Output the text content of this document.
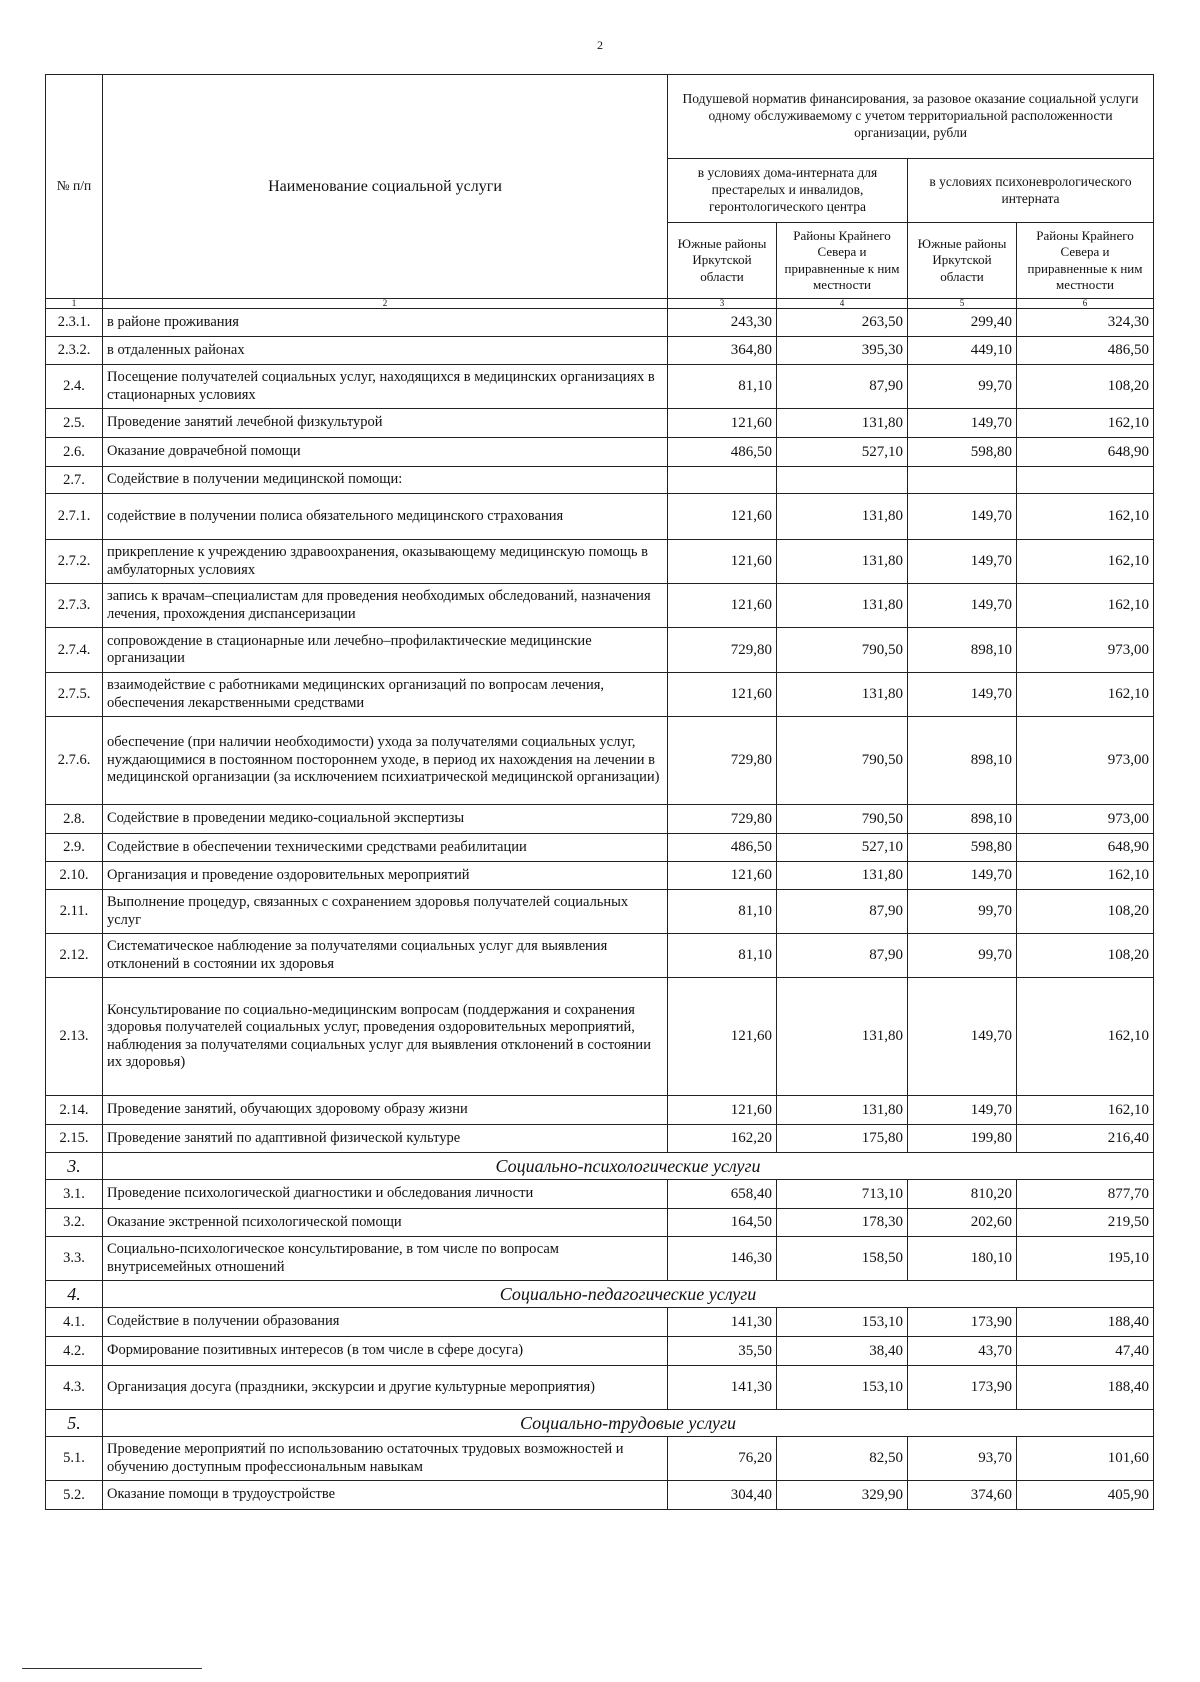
2
№ п/п	Наименование социальной услуги	Подушевой норматив финансирования, за разовое оказание социальной услуги одному обслуживаемому с учетом территориальной расположенности организации, рубли			
		в условиях дома-интерната для престарелых и инвалидов, геронтологического центра		в условиях психоневрологического интерната	
		Южные районы Иркутской области	Районы Крайнего Севера и приравненные к ним местности	Южные районы Иркутской области	Районы Крайнего Севера и приравненные к ним местности
1	2	3	4	5	6
2.3.1.	в районе проживания	243,30	263,50	299,40	324,30
2.3.2.	в отдаленных районах	364,80	395,30	449,10	486,50
2.4.	Посещение получателей социальных услуг, находящихся в медицинских организациях в стационарных условиях	81,10	87,90	99,70	108,20
2.5.	Проведение занятий лечебной физкультурой	121,60	131,80	149,70	162,10
2.6.	Оказание доврачебной помощи	486,50	527,10	598,80	648,90
2.7.	Содействие в получении медицинской помощи:				
2.7.1.	содействие в получении полиса обязательного медицинского страхования	121,60	131,80	149,70	162,10
2.7.2.	прикрепление к учреждению здравоохранения, оказывающему медицинскую помощь в амбулаторных условиях	121,60	131,80	149,70	162,10
2.7.3.	запись к врачам–специалистам для проведения необходимых обследований, назначения лечения, прохождения диспансеризации	121,60	131,80	149,70	162,10
2.7.4.	сопровождение в стационарные или лечебно–профилактические медицинские организации	729,80	790,50	898,10	973,00
2.7.5.	взаимодействие с работниками медицинских организаций по вопросам лечения, обеспечения лекарственными средствами	121,60	131,80	149,70	162,10
2.7.6.	обеспечение (при наличии необходимости) ухода за получателями социальных услуг, нуждающимися в постоянном постороннем уходе, в период их нахождения на лечении в медицинской организации (за исключением психиатрической медицинской организации)	729,80	790,50	898,10	973,00
2.8.	Содействие в проведении медико-социальной экспертизы	729,80	790,50	898,10	973,00
2.9.	Содействие в обеспечении техническими средствами реабилитации	486,50	527,10	598,80	648,90
2.10.	Организация и проведение оздоровительных мероприятий	121,60	131,80	149,70	162,10
2.11.	Выполнение процедур, связанных с сохранением здоровья получателей социальных услуг	81,10	87,90	99,70	108,20
2.12.	Систематическое наблюдение за получателями социальных услуг для выявления отклонений в состоянии их здоровья	81,10	87,90	99,70	108,20
2.13.	Консультирование по социально-медицинским вопросам (поддержания и сохранения здоровья получателей социальных услуг, проведения оздоровительных мероприятий, наблюдения за получателями социальных услуг для выявления отклонений в состоянии их здоровья)	121,60	131,80	149,70	162,10
2.14.	Проведение занятий, обучающих здоровому образу жизни	121,60	131,80	149,70	162,10
2.15.	Проведение занятий по адаптивной физической культуре	162,20	175,80	199,80	216,40
3.	Социально-психологические услуги				
3.1.	Проведение психологической диагностики и обследования личности	658,40	713,10	810,20	877,70
3.2.	Оказание экстренной психологической помощи	164,50	178,30	202,60	219,50
3.3.	Социально-психологическое консультирование, в том числе по вопросам внутрисемейных отношений	146,30	158,50	180,10	195,10
4.	Социально-педагогические услуги				
4.1.	Содействие в получении образования	141,30	153,10	173,90	188,40
4.2.	Формирование позитивных интересов (в том числе в сфере досуга)	35,50	38,40	43,70	47,40
4.3.	Организация досуга (праздники, экскурсии и другие культурные мероприятия)	141,30	153,10	173,90	188,40
5.	Социально-трудовые услуги				
5.1.	Проведение мероприятий по использованию остаточных трудовых возможностей и обучению доступным профессиональным навыкам	76,20	82,50	93,70	101,60
5.2.	Оказание помощи в трудоустройстве	304,40	329,90	374,60	405,90
